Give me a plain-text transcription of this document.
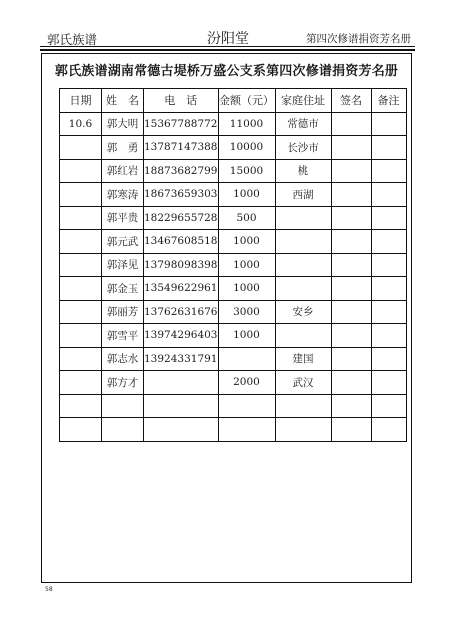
郭氏族谱	汾阳堂	第四次修谱捐资芳名册
郭氏族谱湖南常德古堤桥万盛公支系第四次修谱捐资芳名册
日期	姓　名	电　话	金额（元）	家庭住址	签名	备注
10.6	郭大明	15367788772	11000	常德市		
	郭　勇	13787147388	10000	长沙市		
	郭红岩	18873682799	15000	桃		
	郭寒涛	18673659303	1000	西湖		
	郭平贵	18229655728	500			
	郭元武	13467608518	1000			
	郭泽见	13798098398	1000			
	郭金玉	13549622961	1000			
	郭丽芳	13762631676	3000	安乡		
	郭雪平	13974296403	1000			
	郭志水	13924331791		建国		
	郭方才		2000	武汉		

58
